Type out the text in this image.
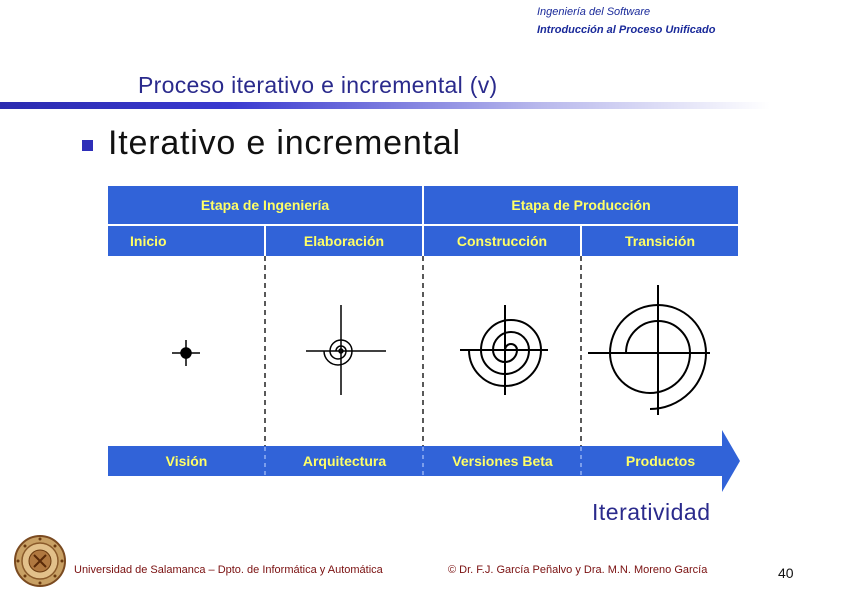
Ingeniería del Software
Introducción al Proceso Unificado
Proceso iterativo e incremental (v)
Iterativo e incremental
Etapa de Ingeniería	Etapa de Producción
Inicio	Elaboración	Construcción	Transición
Visión	Arquitectura	Versiones Beta	Productos
Iteratividad
Universidad de Salamanca – Dpto. de Informática y Automática	© Dr. F.J. García Peñalvo y Dra. M.N. Moreno García	40
